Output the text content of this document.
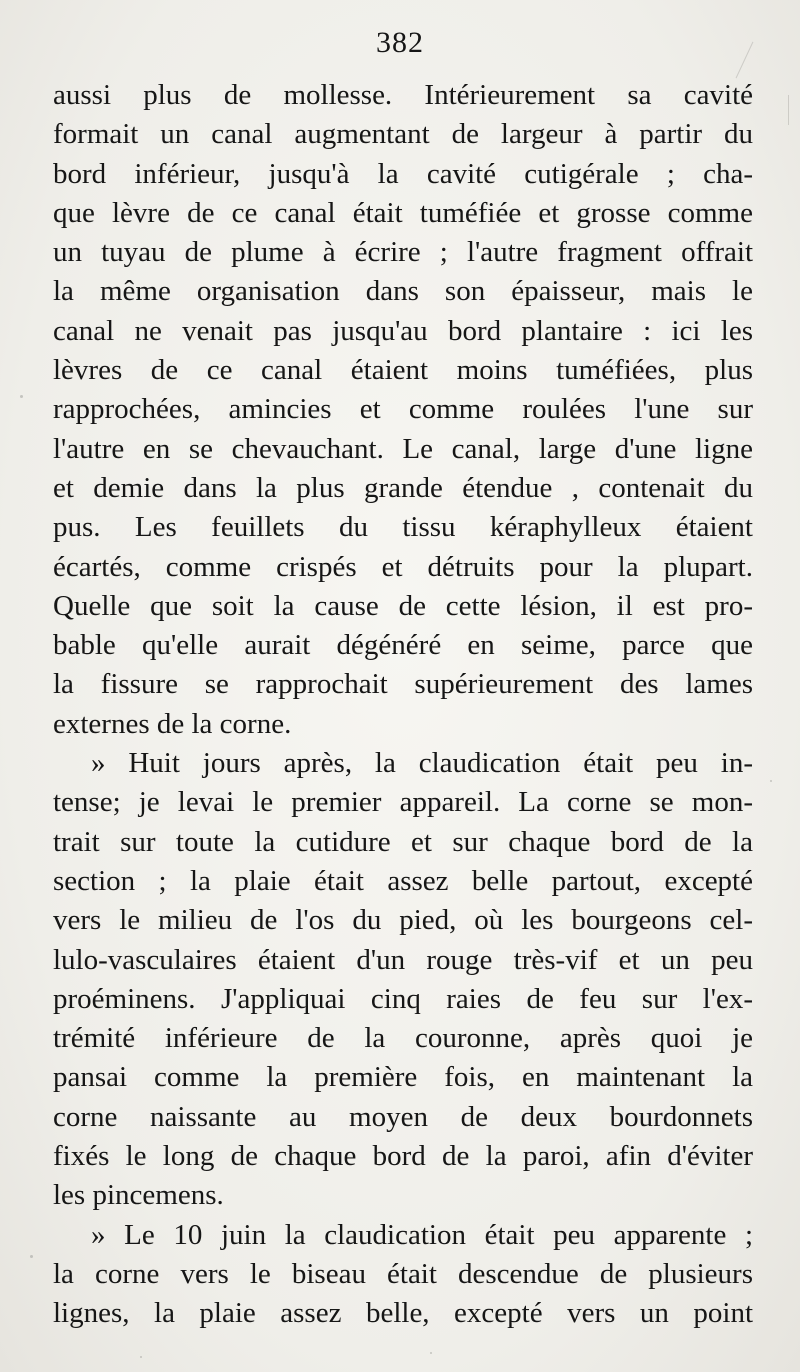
382
aussi plus de mollesse. Intérieurement sa cavité
formait un canal augmentant de largeur à partir du
bord inférieur, jusqu'à la cavité cutigérale ; cha-
que lèvre de ce canal était tuméfiée et grosse comme
un tuyau de plume à écrire ; l'autre fragment offrait
la même organisation dans son épaisseur, mais le
canal ne venait pas jusqu'au bord plantaire : ici les
lèvres de ce canal étaient moins tuméfiées, plus
rapprochées, amincies et comme roulées l'une sur
l'autre en se chevauchant. Le canal, large d'une ligne
et demie dans la plus grande étendue , contenait du
pus. Les feuillets du tissu kéraphylleux étaient
écartés, comme crispés et détruits pour la plupart.
Quelle que soit la cause de cette lésion, il est pro-
bable qu'elle aurait dégénéré en seime, parce que
la fissure se rapprochait supérieurement des lames
externes de la corne.
» Huit jours après, la claudication était peu in-
tense; je levai le premier appareil. La corne se mon-
trait sur toute la cutidure et sur chaque bord de la
section ; la plaie était assez belle partout, excepté
vers le milieu de l'os du pied, où les bourgeons cel-
lulo-vasculaires étaient d'un rouge très-vif et un peu
proéminens. J'appliquai cinq raies de feu sur l'ex-
trémité inférieure de la couronne, après quoi je
pansai comme la première fois, en maintenant la
corne naissante au moyen de deux bourdonnets
fixés le long de chaque bord de la paroi, afin d'éviter
les pincemens.
» Le 10 juin la claudication était peu apparente ;
la corne vers le biseau était descendue de plusieurs
lignes, la plaie assez belle, excepté vers un point
